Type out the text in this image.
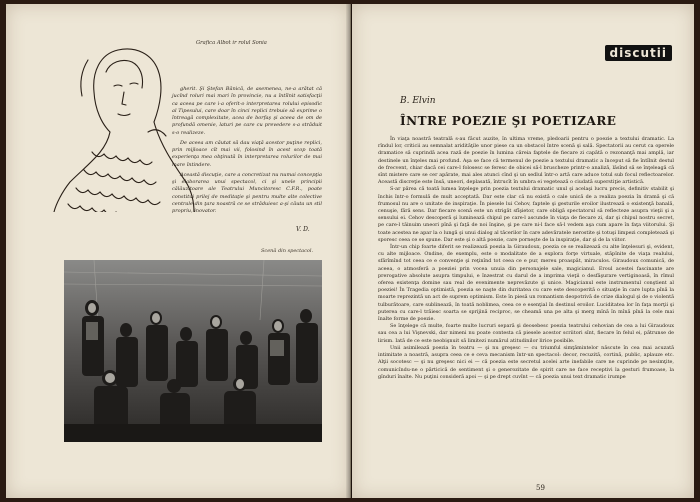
Grafica Albot ir rolul Sonia

gherit. Şi Ştefan Bănică, de asemenea, ne-a arătat că jucînd roluri mai mari în provincie, nu a întîlnit satisfacţii ca aceea pe care i-a oferit-o interpretarea rolului episodic al Tipesului, care doar în cinci replici trebuie să exprime o întreagă complexitate, acea de borfaş şi aceea de om de profundă omenie, laturi pe care cu prevedere s-a străduit s-o realizeze.

De aceea am căutat să dau viaţă acestor puţine replici, prin mijloace cît mai vii, folosind în acest scop toată experienţa mea obţinută în interpretarea rolurilor de mai mare întindere.

Această discuţie, care a concretizat nu numai concepţia şi elaborarea unui spectacol, ci şi unele principii călăuzitoare ale Teatrului Muncitoresc C.F.R., poate constitui prilej de meditaţie şi pentru multe alte colective centrale din ţara noastră ce se străduiesc a-şi căuta un stil propriu, inovator.

V. D.
Scenă din spectacol.
discutii
B. Elvin
ÎNTRE POEZIE ŞI POETIZARE

În viaţa noastră teatrală s-au făcut auzite, în ultima vreme, pledoarii pentru o poezie a textului dramatic. La rîndul lor, criticii au semnalat aridităţile unor piese ca un obstacol între scenă şi sală. Spectatorii au cerut ca operele dramatice să cuprindă acea rază de poezie în lumina căreia faptele de fiecare zi capătă o rezonanţă mai amplă, iar destinele un înţeles mai profund. Aşa se face că termenul de poezie a textului dramatic a început să fie întîlnit destul de frecvent, chiar dacă cei care-l folosesc se feresc de obicei să-l bruscheze printr-o analiză, lăsînd să se înţeleagă că sînt mistere care se cer apărate, mai ales atunci cînd şi un sedlul într-o artă care aduce totul sub focul reflectoarelor. Această discreţie este însă, uneori, deplasată, întrucît în umbra ei vegetează o ciudată superstiţie artistică.

S-ar părea că toată lumea înţelege prin poezia textului dramatic unul şi acelaşi lucru precis, definitiv stabilit şi închis într-o formulă de mult acceptată. Dar este clar că nu există o cale unică de a realiza poezia în dramă şi că frumosul nu are o unitate de inspiraţie. În piesele lui Cehov, faptele şi gesturile eroilor ilustrează o existenţă banală, cenuşie, fără sens. Dar fiecare scenă este un strigăt sfîşietor, care obligă spectatorul să reflecteze asupra vieţii şi a sensului ei. Cehov descoperă şi luminează chipul pe care-l ascunde în viaţa de fiecare zi, dar şi chipul nostru secret, pe care-l tăinuim uneori pînă şi faţă de noi înşine, şi pe care ni-l face să-l vedem aşa cum apare în faţa viitorului. Şi toate acestea ne apar la o lungă şi unui dialog al tăcerilor în care adevăratele nerostite şi totuşi limpezi completează şi sporesc ceea ce se spune. Dar este şi o altă poezie, care porneşte de la inspiraţie, dar şi de la viitor.

Într-un chip foarte diferit se realizează poezia la Giraudoux, poezia ce se realizează cu alte înţelesuri şi, evident, cu alte mijloace. Ondine, de exemplu, este o modalitate de a explora forţe virtuale, stăpînite de viaţa realului, sfărîmînd tot ceea ce e convenţie şi reţinînd tot ceea ce e pur, mereu proaspăt, miraculos. Giraudoux comunică, de aceea, o atmosferă a poeziei prin vocea unuia din personajele sale, magicianul. Eroul acestei fascinante are prerogative absolute asupra timpului, e înzestrat cu darul de a imprima vieţii o desfăşurare vertiginoasă, în rîmul oferea existenţa domine sau real de evenimente neprevăzute şi unice. Magicianul este instrumentul conştient al poeziei! În Tragedia optimistă, poezia se naşte din duritatea cu care este descoperită o situaţie în care lupta pînă la moarte reprezintă un act de suprem optimism. Este în piesă un romantism deopotrivă de crize dialogul şi de o violentă tulburătoare, care sublinează, în toată noblimea, ceea ce e esenţial în destinul eroilor. Luciditatea lor în faţa morţii şi puterea cu care-l trăiesc soarta se sprijină reciproc, se cheamă una pe alta şi merg mînă în mînă pînă la cele mai înalte forme de poezie.

Se înţelege că multe, foarte multe lucruri separă şi deosebesc poezia teatrului cehovian de cea a lui Giraudoux sau cea a lui Vişnevski, dar nimeni nu poate contesta că piesele acestor scriitori sînt, fiecare în felul ei, pătrunse de lirism. Iată de ce este neobişnuit să limitezi numărul atitudinilor lirice posibile.

Unii asimilează poezia în teatru — şi nu greşesc — cu triumful simţămintelor născute în cea mai acuzată intimitate a noastră, asupra ceea ce e ceva mecanism într-un spectacol: decor, recuzită, cortină, public, aplauze etc. Alţii socotesc — şi nu greşesc nici ei — că poezia este secretul acelei arte inefabile care ne cuprinde pe nesimţite, comunicîndu-ne o părticică de sentiment şi o generozitate de spirit care ne face receptivi la gesturi frumoase, la gînduri înalte. Nu puţini consideră apoi — şi pe drept cuvînt — că poezia unui text dramatic irumpe

59
